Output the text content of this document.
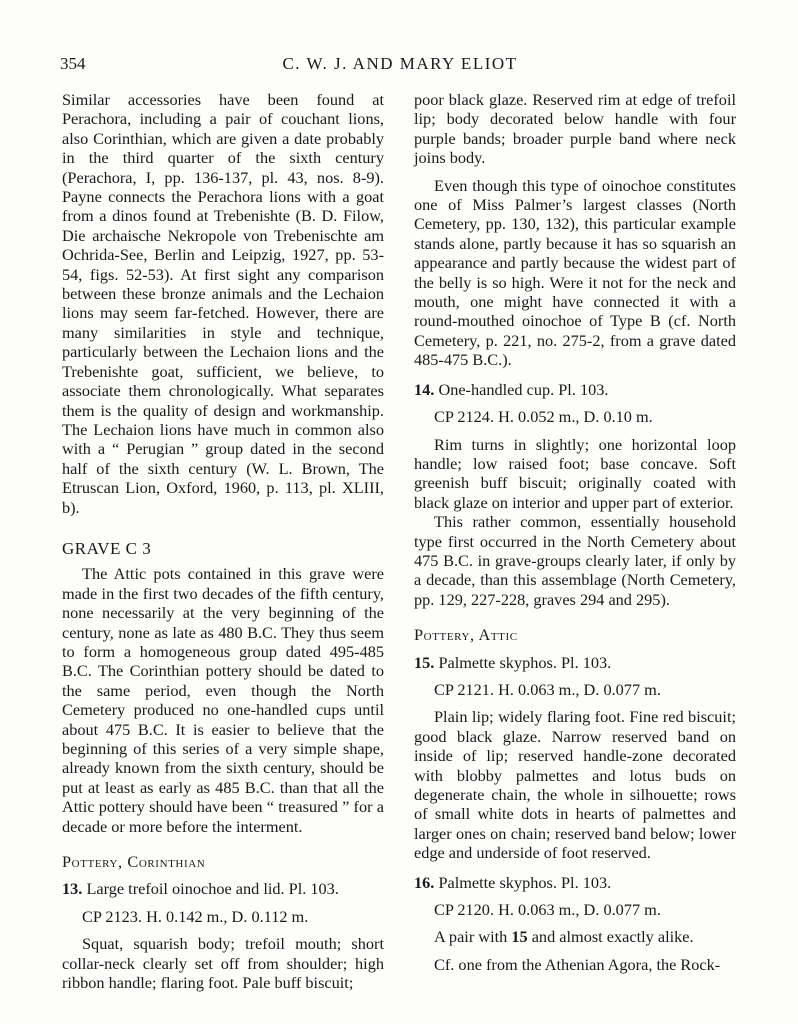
354	C. W. J. AND MARY ELIOT

Similar accessories have been found at Perachora, including a pair of couchant lions, also Corinthian, which are given a date probably in the third quarter of the sixth century (Perachora, I, pp. 136-137, pl. 43, nos. 8-9). Payne connects the Perachora lions with a goat from a dinos found at Trebenishte (B. D. Filow, Die archaische Nekropole von Trebenischte am Ochrida-See, Berlin and Leipzig, 1927, pp. 53-54, figs. 52-53). At first sight any comparison between these bronze animals and the Lechaion lions may seem far-fetched. However, there are many similarities in style and technique, particularly between the Lechaion lions and the Trebenishte goat, sufficient, we believe, to associate them chronologically. What separates them is the quality of design and workmanship. The Lechaion lions have much in common also with a “ Perugian ” group dated in the second half of the sixth century (W. L. Brown, The Etruscan Lion, Oxford, 1960, p. 113, pl. XLIII, b).

GRAVE C 3

The Attic pots contained in this grave were made in the first two decades of the fifth century, none necessarily at the very beginning of the century, none as late as 480 B.C. They thus seem to form a homogeneous group dated 495-485 B.C. The Corinthian pottery should be dated to the same period, even though the North Cemetery produced no one-handled cups until about 475 B.C. It is easier to believe that the beginning of this series of a very simple shape, already known from the sixth century, should be put at least as early as 485 B.C. than that all the Attic pottery should have been “ treasured ” for a decade or more before the interment.

Pottery, Corinthian

13. Large trefoil oinochoe and lid. Pl. 103.

CP 2123. H. 0.142 m., D. 0.112 m.

Squat, squarish body; trefoil mouth; short collar-neck clearly set off from shoulder; high ribbon handle; flaring foot. Pale buff biscuit;

poor black glaze. Reserved rim at edge of trefoil lip; body decorated below handle with four purple bands; broader purple band where neck joins body.

Even though this type of oinochoe constitutes one of Miss Palmer’s largest classes (North Cemetery, pp. 130, 132), this particular example stands alone, partly because it has so squarish an appearance and partly because the widest part of the belly is so high. Were it not for the neck and mouth, one might have connected it with a round-mouthed oinochoe of Type B (cf. North Cemetery, p. 221, no. 275-2, from a grave dated 485-475 B.C.).

14. One-handled cup. Pl. 103.

CP 2124. H. 0.052 m., D. 0.10 m.

Rim turns in slightly; one horizontal loop handle; low raised foot; base concave. Soft greenish buff biscuit; originally coated with black glaze on interior and upper part of exterior.

This rather common, essentially household type first occurred in the North Cemetery about 475 B.C. in grave-groups clearly later, if only by a decade, than this assemblage (North Cemetery, pp. 129, 227-228, graves 294 and 295).

Pottery, Attic

15. Palmette skyphos. Pl. 103.

CP 2121. H. 0.063 m., D. 0.077 m.

Plain lip; widely flaring foot. Fine red biscuit; good black glaze. Narrow reserved band on inside of lip; reserved handle-zone decorated with blobby palmettes and lotus buds on degenerate chain, the whole in silhouette; rows of small white dots in hearts of palmettes and larger ones on chain; reserved band below; lower edge and underside of foot reserved.

16. Palmette skyphos. Pl. 103.

CP 2120. H. 0.063 m., D. 0.077 m.

A pair with 15 and almost exactly alike.

Cf. one from the Athenian Agora, the Rock-
